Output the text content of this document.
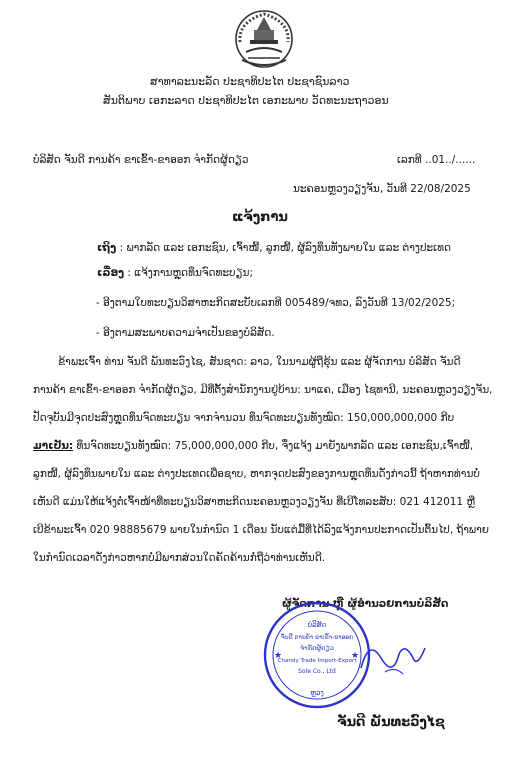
ສາທາລະນະລັດ ປະຊາທິປະໄຕ ປະຊາຊົນລາວ
ສັນຕິພາບ ເອກະລາດ ປະຊາທິປະໄຕ ເອກະພາບ ວັດທະນະຖາວອນ
ບໍລິສັດ ຈັນດີ ການຄ້າ ຂາເຂົ້າ-ຂາອອກ ຈຳກັດຜູ້ດຽວ	ເລກທີ ..01../......
ນະຄອນຫຼວງວຽງຈັນ, ວັນທີ 22/08/2025
ແຈ້ງການ
ເຖິງ : ພາກລັດ ແລະ ເອກະຊົນ, ເຈົ້າໜີ້, ລູກໜີ້, ຜູ້ລົງທຶນທັງພາຍໃນ ແລະ ຕ່າງປະເທດ
ເລື່ອງ : ແຈ້ງການຫຼຸດທຶນຈົດທະບຽນ;
- ອີງຕາມໃບທະບຽນວິສາຫະກິດສະບັບເລກທີ 005489/ຈທວ, ລົງວັນທີ 13/02/2025;
- ອີງຕາມສະພາບຄວາມຈຳເປັນຂອງບໍລິສັດ.
ຂ້າພະເຈົ້າ ທ່ານ ຈັນດີ ພັນທະວົງໄຊ, ສັນຊາດ: ລາວ, ໃນນາມຜູ້ຖືຮຸ້ນ ແລະ ຜູ້ຈັດການ ບໍລິສັດ ຈັນດີ
ການຄ້າ ຂາເຂົ້າ-ຂາອອກ ຈຳກັດຜູ້ດຽວ, ມີທີ່ຕັ້ງສຳນັກງານຢູ່ບ້ານ: ນາແຄ, ເມືອງ ໄຊທານີ, ນະຄອນຫຼວງວຽງຈັນ,
ປັດຈຸບັນມີຈຸດປະສົງຫຼຸດທຶນຈົດທະບຽນ ຈາກຈຳນວນ ທຶນຈົດທະບຽນທັງໝົດ: 150,000,000,000 ກີບ
ມາເປັນ: ທຶນຈົດທະບຽນທັງໝົດ: 75,000,000,000 ກີບ, ຈຶ່ງແຈ້ງ ມາຍັງພາກລັດ ແລະ ເອກະຊົນ,ເຈົ້າໜີ້,
ລູກໜີ້, ຜູ້ລົງທຶນພາຍໃນ ແລະ ຕ່າງປະເທດເພື່ອຊາບ, ຫາກຈຸດປະສົງຂອງການຫຼຸດທຶນດັ່ງກ່າວນີ້ ຖ້າຫາກທ່ານບໍ່
ເຫັນດີ ແມ່ນໃຫ້ແຈ້ງຕໍ່ເຈົ້າໜ້າທີ່ທະບຽນວິສາຫະກິດນະຄອນຫຼວງວຽງຈັນ ທີ່ເບີໂທລະສັບ: 021 412011 ຫຼື
ເບີຂ້າພະເຈົ້າ 020 98885679 ພາຍໃນກຳນົດ 1 ເດືອນ ນັບແຕ່ມື້ທີ່ໄດ້ລົງແຈ້ງການປະກາດເປັນຕົ້ນໄປ, ຖ້າພາຍ
ໃນກຳນົດເວລາດັ່ງກ່າວຫາກບໍ່ມີພາກສ່ວນໃດຄັດຄ້ານກໍ່ຖືວ່າທ່ານເຫັນດີ.
ຜູ້ຈັດການ ຫຼື ຜູ້ອຳນວຍການບໍລິສັດ
★	★
ບໍລິສັດ
ຈັນດີ ການຄ້າ ຂາເຂົ້າ-ຂາອອກ
ຈຳກັດຜູ້ດຽວ
Chandy Trade Import-Export
Sole Co., Ltd
ຫຼວງ
ຈັນດີ ພັນທະວົງໄຊ
